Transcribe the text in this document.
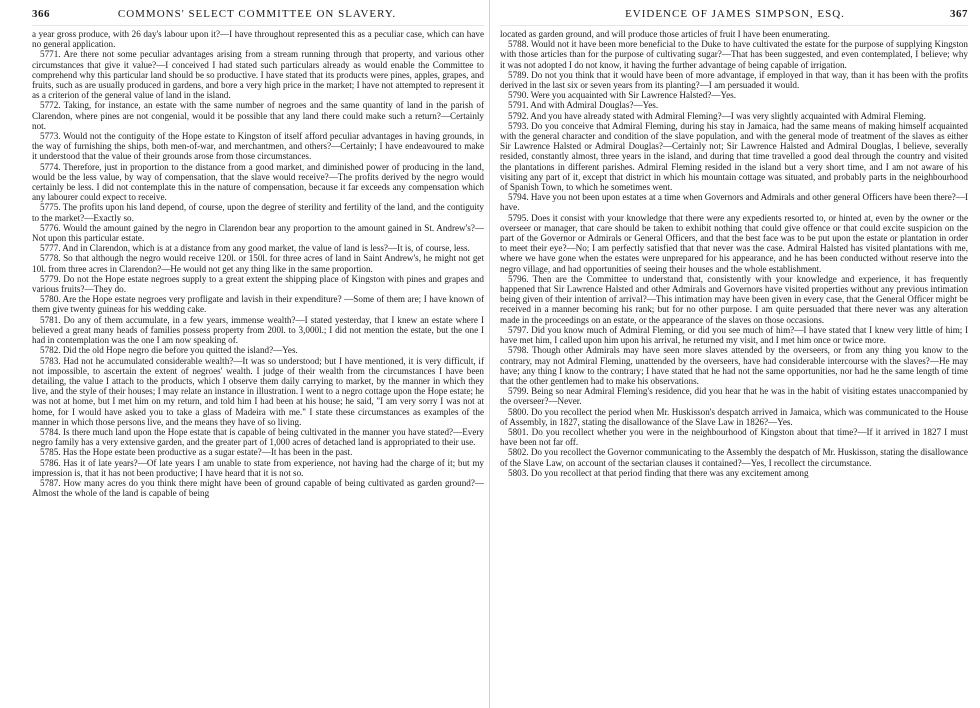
366	COMMONS' SELECT COMMITTEE ON SLAVERY.

a year gross produce, with 26 day's labour upon it?—I have throughout represented this as a peculiar case, which can have no general application.

5771. Are there not some peculiar advantages arising from a stream running through that property, and various other circumstances that give it value?—I conceived I had stated such particulars already as would enable the Committee to comprehend why this particular land should be so productive. I have stated that its products were pines, apples, grapes, and fruits, such as are usually produced in gardens, and bore a very high price in the market; I have not attempted to represent it as a criterion of the general value of land in the island.

5772. Taking, for instance, an estate with the same number of negroes and the same quantity of land in the parish of Clarendon, where pines are not congenial, would it be possible that any land there could make such a return?—Certainly not.

5773. Would not the contiguity of the Hope estate to Kingston of itself afford peculiar advantages in having grounds, in the way of furnishing the ships, both men-of-war, and merchantmen, and others?—Certainly; I have endeavoured to make it understood that the value of their grounds arose from those circumstances.

5774. Therefore, just in proportion to the distance from a good market, and diminished power of producing in the land, would be the less value, by way of compensation, that the slave would receive?—The profits derived by the negro would certainly be less. I did not contemplate this in the nature of compensation, because it far exceeds any compensation which any labourer could expect to receive.

5775. The profits upon his land depend, of course, upon the degree of sterility and fertility of the land, and the contiguity to the market?—Exactly so.

5776. Would the amount gained by the negro in Clarendon bear any proportion to the amount gained in St. Andrew's?—Not upon this particular estate.

5777. And in Clarendon, which is at a distance from any good market, the value of land is less?—It is, of course, less.

5778. So that although the negro would receive 120l. or 150l. for three acres of land in Saint Andrew's, he might not get 10l. from three acres in Clarendon?—He would not get any thing like in the same proportion.

5779. Do not the Hope estate negroes supply to a great extent the shipping place of Kingston with pines and grapes and various fruits?—They do.

5780. Are the Hope estate negroes very profligate and lavish in their expenditure? —Some of them are; I have known of them give twenty guineas for his wedding cake.

5781. Do any of them accumulate, in a few years, immense wealth?—I stated yesterday, that I knew an estate where I believed a great many heads of families possess property from 200l. to 3,000l.; I did not mention the estate, but the one I had in contemplation was the one I am now speaking of.

5782. Did the old Hope negro die before you quitted the island?—Yes.

5783. Had not he accumulated considerable wealth?—It was so understood; but I have mentioned, it is very difficult, if not impossible, to ascertain the extent of negroes' wealth. I judge of their wealth from the circumstances I have been detailing, the value I attach to the products, which I observe them daily carrying to market, by the manner in which they live, and the style of their houses; I may relate an instance in illustration. I went to a negro cottage upon the Hope estate; he was not at home, but I met him on my return, and told him I had been at his house; he said, "I am very sorry I was not at home, for I would have asked you to take a glass of Madeira with me." I state these circumstances as examples of the manner in which those persons live, and the means they have of so living.

5784. Is there much land upon the Hope estate that is capable of being cultivated in the manner you have stated?—Every negro family has a very extensive garden, and the greater part of 1,000 acres of detached land is appropriated to their use.

5785. Has the Hope estate been productive as a sugar estate?—It has been in the past.

5786. Has it of late years?—Of late years I am unable to state from experience, not having had the charge of it; but my impression is, that it has not been productive; I have heard that it is not so.

5787. How many acres do you think there might have been of ground capable of being cultivated as garden ground?—Almost the whole of the land is capable of being

EVIDENCE OF JAMES SIMPSON, ESQ.	367

located as garden ground, and will produce those articles of fruit I have been enumerating.

5788. Would not it have been more beneficial to the Duke to have cultivated the estate for the purpose of supplying Kingston with those articles than for the purpose of cultivating sugar?—That has been suggested, and even contemplated, I believe; why it was not adopted I do not know, it having the further advantage of being capable of irrigation.

5789. Do not you think that it would have been of more advantage, if employed in that way, than it has been with the profits derived in the last six or seven years from its planting?—I am persuaded it would.

5790. Were you acquainted with Sir Lawrence Halsted?—Yes.

5791. And with Admiral Douglas?—Yes.

5792. And you have already stated with Admiral Fleming?—I was very slightly acquainted with Admiral Fleming.

5793. Do you conceive that Admiral Fleming, during his stay in Jamaica, had the same means of making himself acquainted with the general character and condition of the slave population, and with the general mode of treatment of the slaves as either Sir Lawrence Halsted or Admiral Douglas?—Certainly not; Sir Lawrence Halsted and Admiral Douglas, I believe, severally resided, constantly almost, three years in the island, and during that time travelled a good deal through the country and visited the plantations in different parishes. Admiral Fleming resided in the island but a very short time, and I am not aware of his visiting any part of it, except that district in which his mountain cottage was situated, and probably parts in the neighbourhood of Spanish Town, to which he sometimes went.

5794. Have you not been upon estates at a time when Governors and Admirals and other general Officers have been there?—I have.

5795. Does it consist with your knowledge that there were any expedients resorted to, or hinted at, even by the owner or the overseer or manager, that care should be taken to exhibit nothing that could give offence or that could excite suspicion on the part of the Governor or Admirals or General Officers, and that the best face was to be put upon the estate or plantation in order to meet their eye?—No; I am perfectly satisfied that that never was the case. Admiral Halsted has visited plantations with me, where we have gone when the estates were unprepared for his appearance, and he has been conducted without reserve into the negro village, and had opportunities of seeing their houses and the whole establishment.

5796. Then are the Committee to understand that, consistently with your knowledge and experience, it has frequently happened that Sir Lawrence Halsted and other Admirals and Governors have visited properties without any previous intimation being given of their intention of arrival?—This intimation may have been given in every case, that the General Officer might be received in a manner becoming his rank; but for no other purpose. I am quite persuaded that there never was any alteration made in the proceedings on an estate, or the appearance of the slaves on those occasions.

5797. Did you know much of Admiral Fleming, or did you see much of him?—I have stated that I knew very little of him; I have met him, I called upon him upon his arrival, he returned my visit, and I met him once or twice more.

5798. Though other Admirals may have seen more slaves attended by the overseers, or from any thing you know to the contrary, may not Admiral Fleming, unattended by the overseers, have had considerable intercourse with the slaves?—He may have; any thing I know to the contrary; I have stated that he had not the same opportunities, nor had he the same length of time that the other gentlemen had to make his observations.

5799. Being so near Admiral Fleming's residence, did you hear that he was in the habit of visiting estates unaccompanied by the overseer?—Never.

5800. Do you recollect the period when Mr. Huskisson's despatch arrived in Jamaica, which was communicated to the House of Assembly, in 1827, stating the disallowance of the Slave Law in 1826?—Yes.

5801. Do you recollect whether you were in the neighbourhood of Kingston about that time?—If it arrived in 1827 I must have been not far off.

5802. Do you recollect the Governor communicating to the Assembly the despatch of Mr. Huskisson, stating the disallowance of the Slave Law, on account of the sectarian clauses it contained?—Yes, I recollect the circumstance.

5803. Do you recollect at that period finding that there was any excitement among
